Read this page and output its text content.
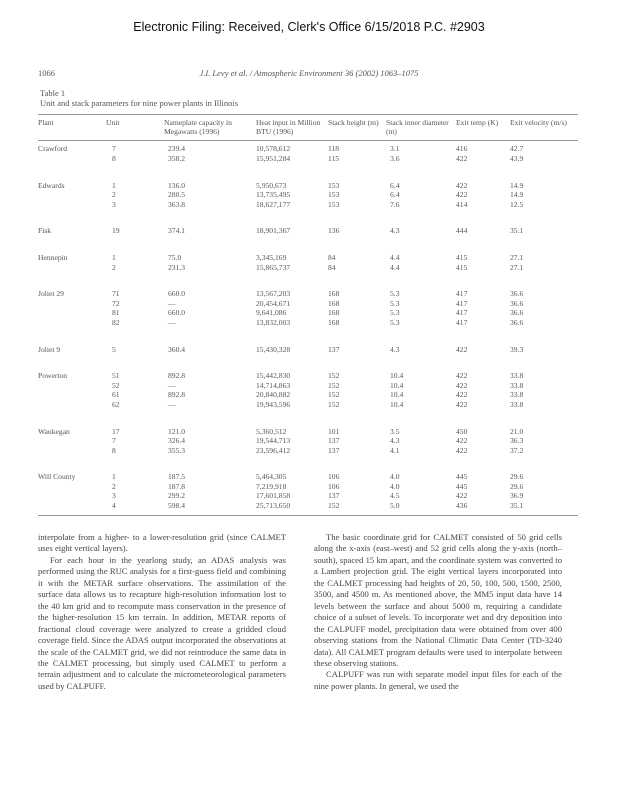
Electronic Filing: Received, Clerk's Office 6/15/2018 P.C. #2903
1066	J.I. Levy et al. / Atmospheric Environment 36 (2002) 1063–1075
Table 1
Unit and stack parameters for nine power plants in Illinois
Plant	Unit	Nameplate capacity in Megawatts (1996)	Heat input in Million BTU (1996)	Stack height (m)	Stack inner diameter (m)	Exit temp (K)	Exit velocity (m/s)
Crawford	7	239.4	10,578,612	118	3.1	416	42.7
	8	358.2	15,951,284	115	3.6	422	43.9

Edwards	1	136.0	5,950,673	153	6.4	422	14.9
	2	280.5	13,735,495	153	6.4	422	14.9
	3	363.8	18,627,177	153	7.6	414	12.5

Fisk	19	374.1	18,901,367	136	4.3	444	35.1

Hennepin	1	75.0	3,345,169	84	4.4	415	27.1
	2	231.3	15,865,737	84	4.4	415	27.1

Joliet 29	71	660.0	13,567,203	168	5.3	417	36.6
	72	—	20,454,671	168	5.3	417	36.6
	81	660.0	9,641,086	168	5.3	417	36.6
	82	—	13,832,003	168	5.3	417	36.6

Joliet 9	5	360.4	15,430,328	137	4.3	422	39.3

Powerton	51	892.8	15,442,830	152	10.4	422	33.8
	52	—	14,714,863	152	10.4	422	33.8
	61	892.8	20,840,882	152	10.4	422	33.8
	62	—	19,943,596	152	10.4	422	33.8

Waukegan	17	121.0	5,360,512	101	3.5	450	21.0
	7	326.4	19,544,713	137	4.3	422	36.3
	8	355.3	23,596,412	137	4.1	422	37.2

Will County	1	187.5	5,464,305	106	4.0	445	29.6
	2	187.8	7,219,918	106	4.0	445	29.6
	3	299.2	17,601,858	137	4.5	422	36.9
	4	598.4	25,713,650	152	5.0	436	35.1

interpolate from a higher- to a lower-resolution grid (since CALMET uses eight vertical layers).

For each hour in the yearlong study, an ADAS analysis was performed using the RUC analysis for a first-guess field and combining it with the METAR surface observations. The assimilation of the surface data allows us to recapture high-resolution information lost to the 40 km grid and to recompute mass conservation in the presence of the higher-resolution 15 km terrain. In addition, METAR reports of fractional cloud coverage were analyzed to create a gridded cloud coverage field. Since the ADAS output incorporated the observations at the scale of the CALMET grid, we did not reintroduce the same data in the CALMET processing, but simply used CALMET to perform a terrain adjustment and to calculate the micrometeorological parameters used by CALPUFF.

The basic coordinate grid for CALMET consisted of 50 grid cells along the x-axis (east–west) and 52 grid cells along the y-axis (north–south), spaced 15 km apart, and the coordinate system was converted to a Lambert projection grid. The eight vertical layers incorporated into the CALMET processing had heights of 20, 50, 100, 500, 1500, 2500, 3500, and 4500 m. As mentioned above, the MM5 input data have 14 levels between the surface and about 5000 m, requiring a candidate choice of a subset of levels. To incorporate wet and dry deposition into the CALPUFF model, precipitation data were obtained from over 400 observing stations from the National Climatic Data Center (TD-3240 data). All CALMET program defaults were used to interpolate between these observing stations.

CALPUFF was run with separate model input files for each of the nine power plants. In general, we used the
